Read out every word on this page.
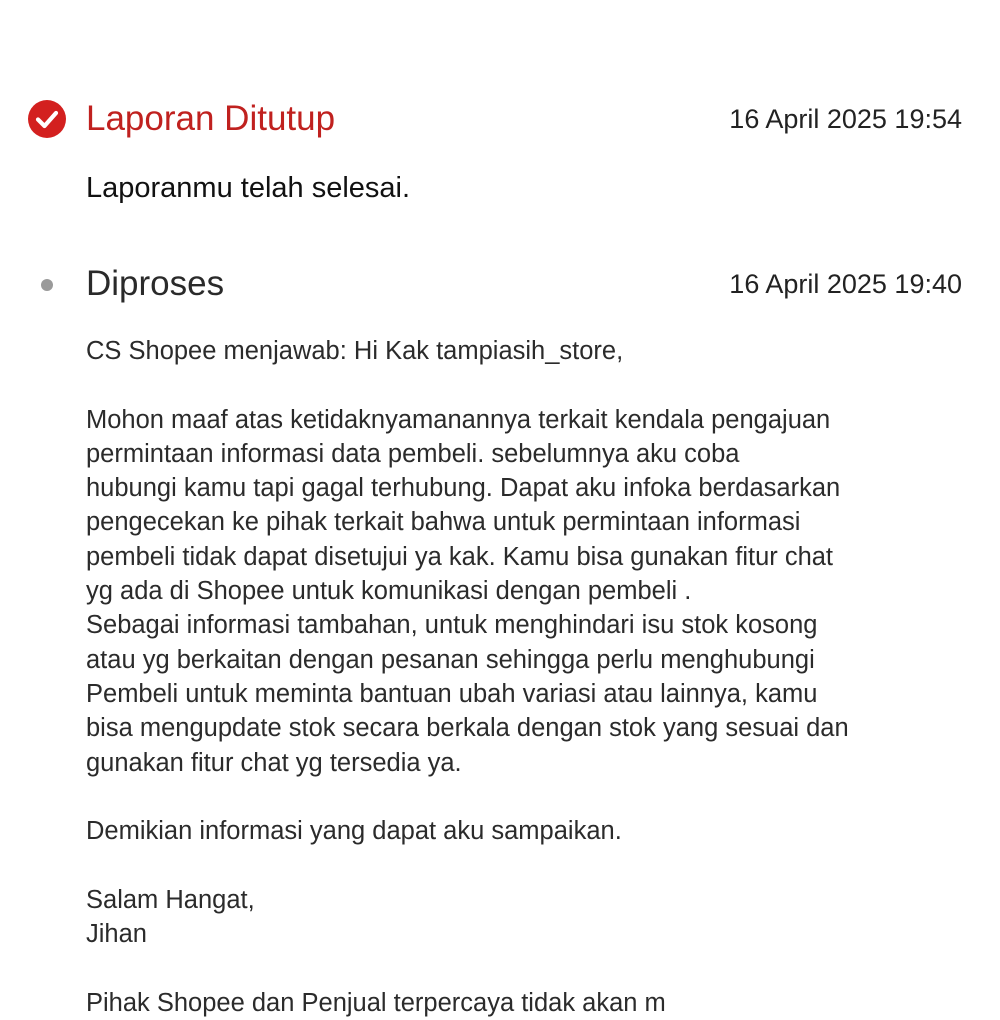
Laporan Ditutup	16 April 2025 19:54
Laporanmu telah selesai.
Diproses	16 April 2025 19:40
CS Shopee menjawab: Hi Kak tampiasih_store,
Mohon maaf atas ketidaknyamanannya terkait kendala pengajuan
permintaan informasi data pembeli. sebelumnya aku coba
hubungi kamu tapi gagal terhubung. Dapat aku infoka berdasarkan
pengecekan ke pihak terkait bahwa untuk permintaan informasi
pembeli tidak dapat disetujui ya kak. Kamu bisa gunakan fitur chat
yg ada di Shopee untuk komunikasi dengan pembeli .
Sebagai informasi tambahan, untuk menghindari isu stok kosong
atau yg berkaitan dengan pesanan sehingga perlu menghubungi
Pembeli untuk meminta bantuan ubah variasi atau lainnya, kamu
bisa mengupdate stok secara berkala dengan stok yang sesuai dan
gunakan fitur chat yg tersedia ya.
Demikian informasi yang dapat aku sampaikan.
Salam Hangat,
Jihan
Pihak Shopee dan Penjual terpercaya tidak akan m
